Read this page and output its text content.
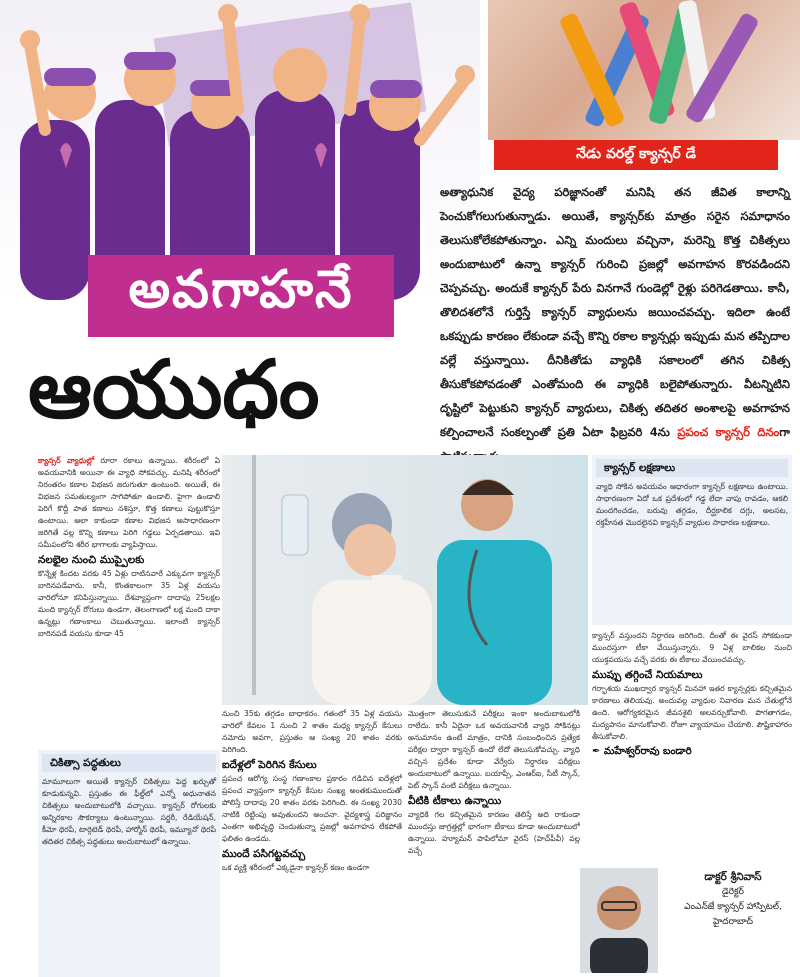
నేడు వరల్డ్ క్యాన్సర్ డే
అవగాహనే
ఆయుధం
అత్యాధునిక వైద్య పరిజ్ఞానంతో మనిషి తన జీవిత కాలాన్ని పెంచుకోగలుగుతున్నాడు. అయితే, క్యాన్సర్‌కు మాత్రం సరైన సమాధానం తెలుసుకోలేకపోతున్నాం. ఎన్ని మందులు వచ్చినా, మరెన్ని కొత్త చికిత్సలు అందుబాటులో ఉన్నా క్యాన్సర్ గురించి ప్రజల్లో అవగాహన కొరవడిందని చెప్పవచ్చు. అందుకే క్యాన్సర్ పేరు వినగానే గుండెల్లో రైళ్లు పరిగెడతాయి. కానీ, తొలిదశలోనే గుర్తిస్తే క్యాన్సర్ వ్యాధులను జయించవచ్చు. ఇదిలా ఉంటే ఒకప్పుడు కారణం లేకుండా వచ్చే కొన్ని రకాల క్యాన్సర్లు ఇప్పుడు మన తప్పిదాల వల్లే వస్తున్నాయి. దీనికితోడు వ్యాధికి సకాలంలో తగిన చికిత్స తీసుకోకపోవడంతో ఎంతోమంది ఈ వ్యాధికి బలైపోతున్నారు. వీటన్నిటిని దృష్టిలో పెట్టుకుని క్యాన్సర్ వ్యాధులు, చికిత్స తదితర అంశాలపై అవగాహన కల్పించాలనే సంకల్పంతో ప్రతి ఏటా ఫిబ్రవరి 4ను ప్రపంచ క్యాన్సర్ దినంగా

క్యాన్సర్ వ్యాధుల్లో రూరా రకాలు ఉన్నాయి. శరీరంలో ఏ అవయవానికి అయినా ఈ వ్యాధి సోకవచ్చు. మనిషి శరీరంలో నిరంతరం కణాల విభజన జరుగుతూ ఉంటుంది. అయితే, ఈ విభజన సమతుల్యంగా సాగిపోతూ ఉండాలి. హైగా ఉండాలి పెరిగే కొద్దీ పాత కణాలు నశిస్తూ, కొత్త కణాలు పుట్టుకొస్తూ ఉంటాయి. అలా కాకుండా కణాల విభజన అసాధారణంగా జరిగితే వల్ల కొన్ని కణాలు పెరిగి గడ్డలు ఏర్పడతాయి. ఇవి సమీపంలోని శరీర భాగాలకు వ్యాపిస్తాయి.

నలభైల నుంచి ముప్పైలకు

కొన్నేళ్ల కిందట వరకు 45 ఏళ్లు దాటినవారే ఎక్కువగా క్యాన్సర్ బారినపడేవారు. కానీ, కొంతకాలంగా 35 ఏళ్ల వయసు వారిలోనూ కనిపిస్తున్నాయి. దేశవ్యాప్తంగా దాదాపు 25లక్షల మంది క్యాన్సర్ రోగులు ఉండగా, తెలంగాణలో లక్ష మంది దాకా ఉన్నట్లు గణాంకాలు చెబుతున్నాయి. ఇలాంటి క్యాన్సర్ బారినపడే వయసు కూడా 45

చికిత్సా పద్ధతులు

మామూలుగా అయితే క్యాన్సర్ చికిత్సలు పెద్ద ఖర్చుతో కూడుకున్నవి. ప్రస్తుతం ఈ ఫీల్డ్‌లో ఎన్నో అధునాతన చికిత్సలు అందుబాటులోకి వచ్చాయి. క్యాన్సర్ రోగులకు అన్నిరకాల సౌకర్యాలు ఉంటున్నాయి. సర్జరీ, రేడియేషన్, కీమో థెరపీ, టార్గెటెడ్ థెరపీ, హార్మోన్ థెరపీ, ఇమ్యూనో థెరపీ తదితర చికిత్స పద్ధతులు అందుబాటులో ఉన్నాయి.

నుంచి 35కు తగ్గడం బాధాకరం. గతంలో 35 ఏళ్ల వయసు వారిలో కేవలం 1 నుంచి 2 శాతం మధ్య క్యాన్సర్ కేసులు నమోదు అవగా, ప్రస్తుతం ఆ సంఖ్య 20 శాతం వరకు పెరిగింది.

ఐదేళ్లలో పెరిగిన కేసులు

ప్రపంచ ఆరోగ్య సంస్థ గణాంకాల ప్రకారం గడిచిన ఐదేళ్లలో ప్రపంచ వ్యాప్తంగా క్యాన్సర్ కేసుల సంఖ్య అంతకుముందుతో పోలిస్తే దాదాపు 20 శాతం వరకు పెరిగింది. ఈ సంఖ్య 2030 నాటికి రెట్టింపు అవుతుందని అంచనా. వైద్యశాస్త్ర పరిజ్ఞానం ఎంతగా అభివృద్ధి చెందుతున్నా ప్రజల్లో అవగాహన లేకపోతే ఫలితం ఉండదు.

ముందే పసిగట్టవచ్చు

ఒక వ్యక్తి శరీరంలో ఎక్కడైనా క్యాన్సర్ కణం ఉండగా

మొత్తంగా తెలుసుకునే పరీక్షలు ఇంకా అందుబాటులోకి రాలేదు. కానీ ఏదైనా ఒక అవయవానికి వ్యాధి సోకినట్లు అనుమానం ఉంటే మాత్రం, దానికి సంబంధించిన ప్రత్యేక పరీక్షల ద్వారా క్యాన్సర్ ఉందో లేదో తెలుసుకోవచ్చు. వ్యాధి వచ్చిన ప్రదేశం కూడా వేర్వేరు నిర్ధారణ పరీక్షలు అందుబాటులో ఉన్నాయి. బయాప్సీ, ఎంఆర్ఐ, సీటీ స్కాన్, పెట్ స్కాన్ వంటి పరీక్షలు ఉన్నాయి.

వీటికి టీకాలు ఉన్నాయి

వ్యాధికి గల కచ్చితమైన కారణం తెలిస్తే అది రాకుండా ముందస్తు జాగ్రత్తల్లో భాగంగా టీకాలు కూడా అందుబాటులో ఉన్నాయి. హ్యూమన్ పాపిలోమా వైరస్ (హెచ్‌పీవీ) వల్ల వచ్చే

క్యాన్సర్ లక్షణాలు

వ్యాధి సోకిన అవయవం ఆధారంగా క్యాన్సర్ లక్షణాలు ఉంటాయి. సాధారణంగా ఏదో ఒక ప్రదేశంలో గడ్డ లేదా వాపు రావడం, ఆకలి మందగించడం, బరువు తగ్గడం, దీర్ఘకాలిక దగ్గు, అలసట, రక్తహీనత మొదలైనవి క్యాన్సర్ వ్యాధుల సాధారణ లక్షణాలు.

క్యాన్సర్ వస్తుందని నిర్ధారణ జరిగింది. దీంతో ఈ వైరస్ సోకకుండా ముందస్తుగా టీకా వేయిస్తున్నారు. 9 ఏళ్ల బాలికల నుంచి యుక్తవయసు వచ్చే వరకు ఈ టీకాలు వేయించవచ్చు.

ముప్పు తగ్గించే నియమాలు

గర్భాశయ ముఖద్వార క్యాన్సర్ మినహా ఇతర క్యాన్సర్లకు కచ్చితమైన కారణాలు తెలియవు. అందువల్ల వ్యాధుల నివారణ మన చేతుల్లోనే ఉంది. ఆరోగ్యకరమైన జీవనశైలి అలవర్చుకోవాలి. పొగతాగడం, మద్యపానం మానుకోవాలి. రోజూ వ్యాయామం చేయాలి. పౌష్టికాహారం తీసుకోవాలి.

✒ మహేశ్వర్‌రావు బండారి
డాక్టర్ శ్రీనివాస్
డైరెక్టర్
ఎంఎన్‌జే క్యాన్సర్ హాస్పిటల్,
హైదరాబాద్
